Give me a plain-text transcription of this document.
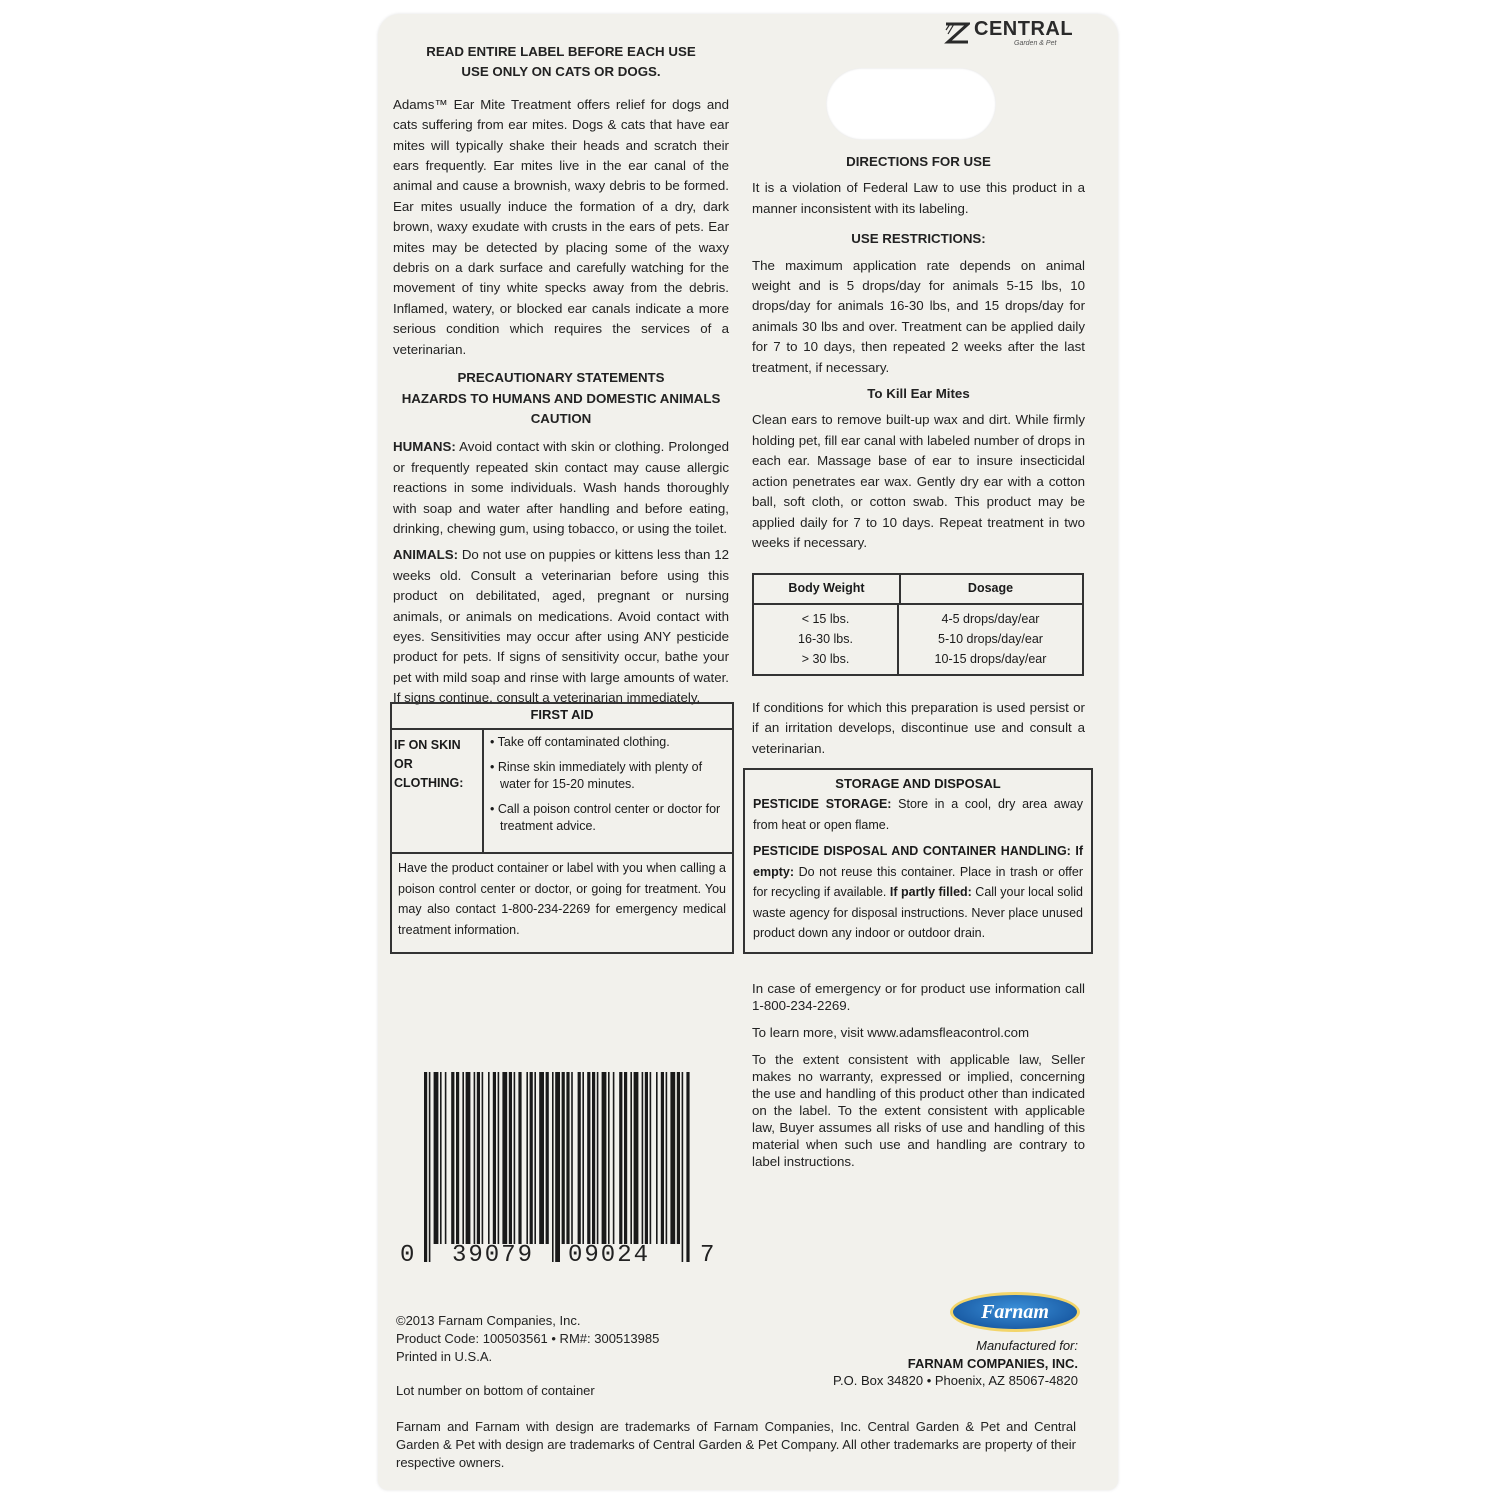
CENTRAL
Garden & Pet
READ ENTIRE LABEL BEFORE EACH USE
USE ONLY ON CATS OR DOGS.

Adams™ Ear Mite Treatment offers relief for dogs and cats suffering from ear mites. Dogs & cats that have ear mites will typically shake their heads and scratch their ears frequently. Ear mites live in the ear canal of the animal and cause a brownish, waxy debris to be formed. Ear mites usually induce the formation of a dry, dark brown, waxy exudate with crusts in the ears of pets. Ear mites may be detected by placing some of the waxy debris on a dark surface and carefully watching for the movement of tiny white specks away from the debris. Inflamed, watery, or blocked ear canals indicate a more serious condition which requires the services of a veterinarian.

PRECAUTIONARY STATEMENTS
HAZARDS TO HUMANS AND DOMESTIC ANIMALS
CAUTION

HUMANS: Avoid contact with skin or clothing. Prolonged or frequently repeated skin contact may cause allergic reactions in some individuals. Wash hands thoroughly with soap and water after handling and before eating, drinking, chewing gum, using tobacco, or using the toilet.

ANIMALS: Do not use on puppies or kittens less than 12 weeks old. Consult a veterinarian before using this product on debilitated, aged, pregnant or nursing animals, or animals on medications. Avoid contact with eyes. Sensitivities may occur after using ANY pesticide product for pets. If signs of sensitivity occur, bathe your pet with mild soap and rinse with large amounts of water. If signs continue, consult a veterinarian immediately.

FIRST AID
IF ON SKIN OR CLOTHING:
• Take off contaminated clothing.
• Rinse skin immediately with plenty of water for 15-20 minutes.
• Call a poison control center or doctor for treatment advice.
Have the product container or label with you when calling a poison control center or doctor, or going for treatment. You may also contact 1-800-234-2269 for emergency medical treatment information.
DIRECTIONS FOR USE

It is a violation of Federal Law to use this product in a manner inconsistent with its labeling.

USE RESTRICTIONS:

The maximum application rate depends on animal weight and is 5 drops/day for animals 5-15 lbs, 10 drops/day for animals 16-30 lbs, and 15 drops/day for animals 30 lbs and over. Treatment can be applied daily for 7 to 10 days, then repeated 2 weeks after the last treatment, if necessary.

To Kill Ear Mites

Clean ears to remove built-up wax and dirt. While firmly holding pet, fill ear canal with labeled number of drops in each ear. Massage base of ear to insure insecticidal action penetrates ear wax. Gently dry ear with a cotton ball, soft cloth, or cotton swab. This product may be applied daily for 7 to 10 days. Repeat treatment in two weeks if necessary.

Body Weight	Dosage
< 15 lbs.
16-30 lbs.
> 30 lbs.
4-5 drops/day/ear
5-10 drops/day/ear
10-15 drops/day/ear

If conditions for which this preparation is used persist or if an irritation develops, discontinue use and consult a veterinarian.

STORAGE AND DISPOSAL

PESTICIDE STORAGE: Store in a cool, dry area away from heat or open flame.

PESTICIDE DISPOSAL AND CONTAINER HANDLING: If empty: Do not reuse this container. Place in trash or offer for recycling if available. If partly filled: Call your local solid waste agency for disposal instructions. Never place unused product down any indoor or outdoor drain.

In case of emergency or for product use information call 1-800-234-2269.

To learn more, visit www.adamsfleacontrol.com

To the extent consistent with applicable law, Seller makes no warranty, expressed or implied, concerning the use and handling of this product other than indicated on the label. To the extent consistent with applicable law, Buyer assumes all risks of use and handling of this material when such use and handling are contrary to label instructions.

0 39079 09024 7
©2013 Farnam Companies, Inc.
Product Code: 100503561 • RM#: 300513985
Printed in U.S.A.
Lot number on bottom of container
Farnam
Manufactured for:
FARNAM COMPANIES, INC.
P.O. Box 34820 • Phoenix, AZ 85067-4820
Farnam and Farnam with design are trademarks of Farnam Companies, Inc. Central Garden & Pet and Central Garden & Pet with design are trademarks of Central Garden & Pet Company. All other trademarks are property of their respective owners.
